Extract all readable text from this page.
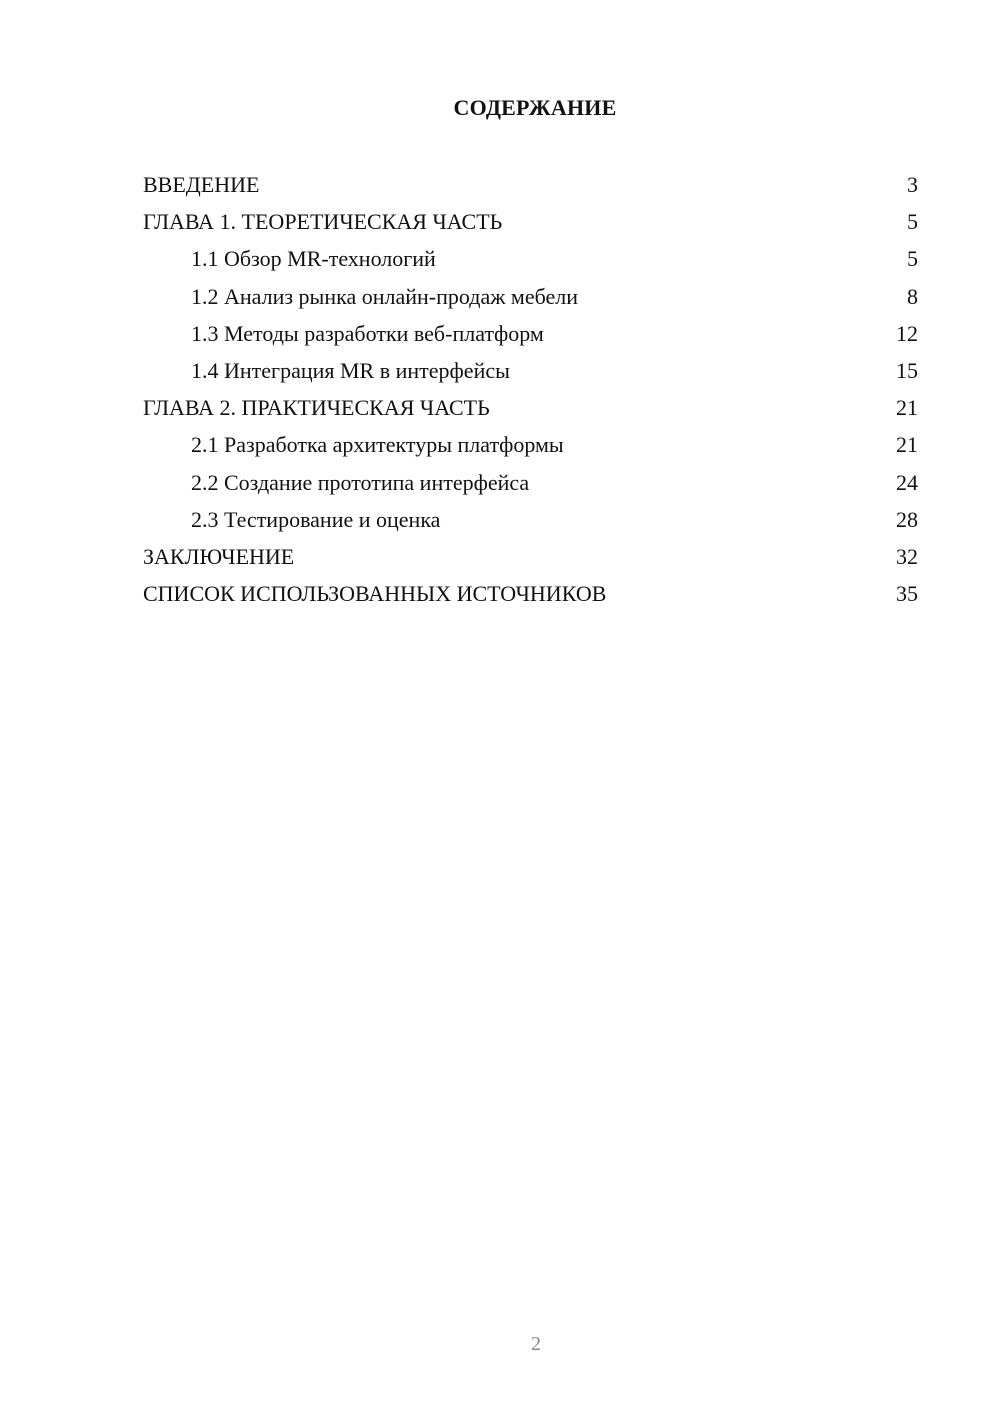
СОДЕРЖАНИЕ
ВВЕДЕНИЕ	3
ГЛАВА 1. ТЕОРЕТИЧЕСКАЯ ЧАСТЬ	5
1.1 Обзор MR-технологий	5
1.2 Анализ рынка онлайн-продаж мебели	8
1.3 Методы разработки веб-платформ	12
1.4 Интеграция MR в интерфейсы	15
ГЛАВА 2. ПРАКТИЧЕСКАЯ ЧАСТЬ	21
2.1 Разработка архитектуры платформы	21
2.2 Создание прототипа интерфейса	24
2.3 Тестирование и оценка	28
ЗАКЛЮЧЕНИЕ	32
СПИСОК ИСПОЛЬЗОВАННЫХ ИСТОЧНИКОВ	35
2
